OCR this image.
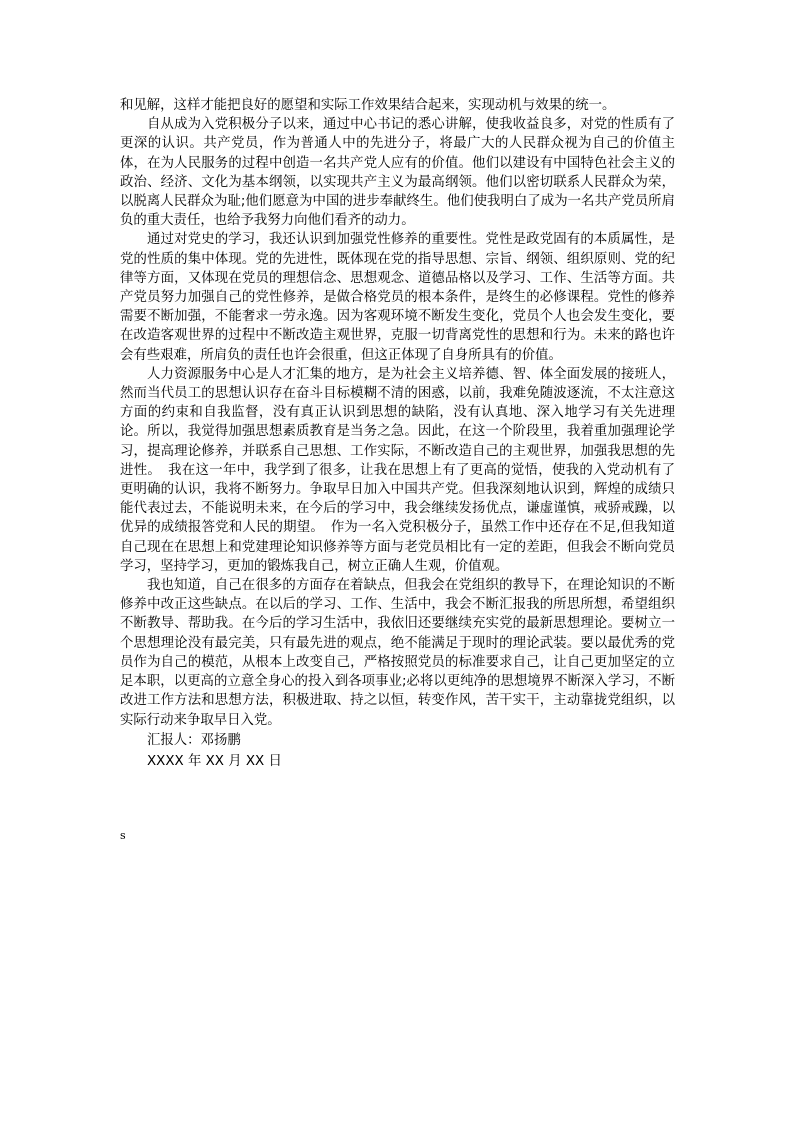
和见解，这样才能把良好的愿望和实际工作效果结合起来，实现动机与效果的统一。

自从成为入党积极分子以来，通过中心书记的悉心讲解，使我收益良多，对党的性质有了更深的认识。共产党员，作为普通人中的先进分子，将最广大的人民群众视为自己的价值主体，在为人民服务的过程中创造一名共产党人应有的价值。他们以建设有中国特色社会主义的政治、经济、文化为基本纲领，以实现共产主义为最高纲领。他们以密切联系人民群众为荣，以脱离人民群众为耻;他们愿意为中国的进步奉献终生。他们使我明白了成为一名共产党员所肩负的重大责任，也给予我努力向他们看齐的动力。

通过对党史的学习，我还认识到加强党性修养的重要性。党性是政党固有的本质属性，是党的性质的集中体现。党的先进性，既体现在党的指导思想、宗旨、纲领、组织原则、党的纪律等方面，又体现在党员的理想信念、思想观念、道德品格以及学习、工作、生活等方面。共产党员努力加强自己的党性修养，是做合格党员的根本条件，是终生的必修课程。党性的修养需要不断加强，不能奢求一劳永逸。因为客观环境不断发生变化，党员个人也会发生变化，要在改造客观世界的过程中不断改造主观世界，克服一切背离党性的思想和行为。未来的路也许会有些艰难，所肩负的责任也许会很重，但这正体现了自身所具有的价值。

人力资源服务中心是人才汇集的地方，是为社会主义培养德、智、体全面发展的接班人，然而当代员工的思想认识存在奋斗目标模糊不清的困惑，以前，我难免随波逐流，不太注意这方面的约束和自我监督，没有真正认识到思想的缺陷，没有认真地、深入地学习有关先进理论。所以，我觉得加强思想素质教育是当务之急。因此，在这一个阶段里，我着重加强理论学习，提高理论修养，并联系自己思想、工作实际，不断改造自己的主观世界，加强我思想的先进性。　我在这一年中，我学到了很多，让我在思想上有了更高的觉悟，使我的入党动机有了更明确的认识，我将不断努力。争取早日加入中国共产党。但我深刻地认识到，辉煌的成绩只能代表过去，不能说明未来，在今后的学习中，我会继续发扬优点，谦虚谨慎，戒骄戒躁，以优异的成绩报答党和人民的期望。　作为一名入党积极分子，虽然工作中还存在不足,但我知道自己现在在思想上和党建理论知识修养等方面与老党员相比有一定的差距，但我会不断向党员学习，坚持学习，更加的锻炼我自己，树立正确人生观，价值观。

我也知道，自己在很多的方面存在着缺点，但我会在党组织的教导下，在理论知识的不断修养中改正这些缺点。在以后的学习、工作、生活中，我会不断汇报我的所思所想，希望组织不断教导、帮助我。在今后的学习生活中，我依旧还要继续充实党的最新思想理论。要树立一个思想理论没有最完美，只有最先进的观点，绝不能满足于现时的理论武装。要以最优秀的党员作为自己的模范，从根本上改变自己，严格按照党员的标准要求自己，让自己更加坚定的立足本职，以更高的立意全身心的投入到各项事业;必将以更纯净的思想境界不断深入学习，不断改进工作方法和思想方法，积极进取、持之以恒，转变作风，苦干实干，主动靠拢党组织，以实际行动来争取早日入党。

汇报人：邓扬鹏

XXXX 年 XX 月 XX 日

s
